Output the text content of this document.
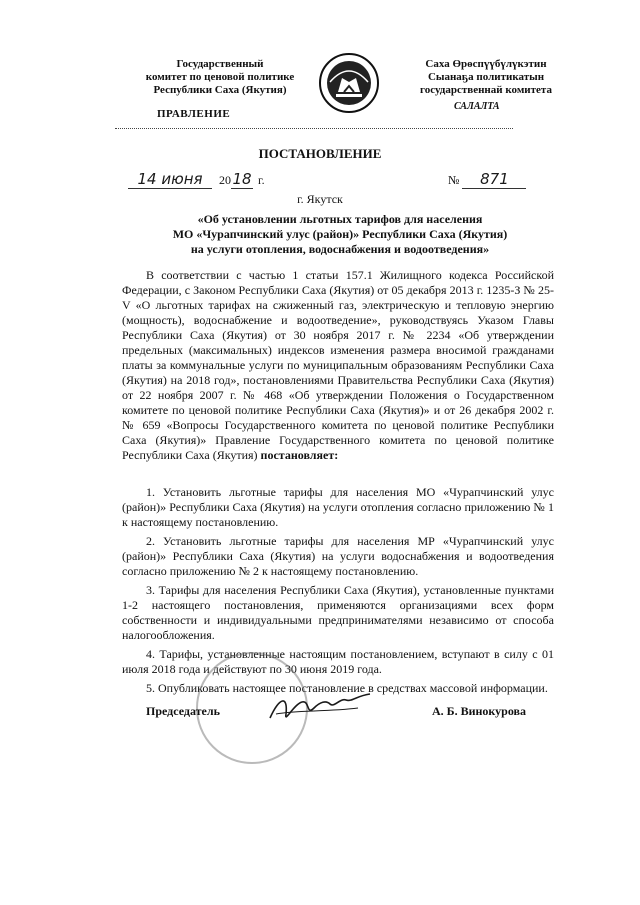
Государственный
комитет по ценовой политике
Республики Саха (Якутия)
Саха Өрөспүүбүлүкэтин
Сыанаҕа политикатын
государственнай комитета
ПРАВЛЕНИЕ
САЛАЛТА
ПОСТАНОВЛЕНИЕ
14 июня 2018 г.	№ 871
г. Якутск
«Об установлении льготных тарифов для населения
МО «Чурапчинский улус (район)» Республики Саха (Якутия)
на услуги отопления, водоснабжения и водоотведения»
В соответствии с частью 1 статьи 157.1 Жилищного кодекса Российской Федерации, с Законом Республики Саха (Якутия) от 05 декабря 2013 г. 1235-З № 25-V «О льготных тарифах на сжиженный газ, электрическую и тепловую энергию (мощность), водоснабжение и водоотведение», руководствуясь Указом Главы Республики Саха (Якутия) от 30 ноября 2017 г. № 2234 «Об утверждении предельных (максимальных) индексов изменения размера вносимой гражданами платы за коммунальные услуги по муниципальным образованиям Республики Саха (Якутия) на 2018 год», постановлениями Правительства Республики Саха (Якутия) от 22 ноября 2007 г. № 468 «Об утверждении Положения о Государственном комитете по ценовой политике Республики Саха (Якутия)» и от 26 декабря 2002 г. № 659 «Вопросы Государственного комитета по ценовой политике Республики Саха (Якутия)» Правление Государственного комитета по ценовой политике Республики Саха (Якутия) постановляет:
1. Установить льготные тарифы для населения МО «Чурапчинский улус (район)» Республики Саха (Якутия) на услуги отопления согласно приложению № 1 к настоящему постановлению.
2. Установить льготные тарифы для населения МР «Чурапчинский улус (район)» Республики Саха (Якутия) на услуги водоснабжения и водоотведения согласно приложению № 2 к настоящему постановлению.
3. Тарифы для населения Республики Саха (Якутия), установленные пунктами 1-2 настоящего постановления, применяются организациями всех форм собственности и индивидуальными предпринимателями независимо от способа налогообложения.
4. Тарифы, установленные настоящим постановлением, вступают в силу с 01 июля 2018 года и действуют по 30 июня 2019 года.
5. Опубликовать настоящее постановление в средствах массовой информации.
Председатель	А. Б. Винокурова
